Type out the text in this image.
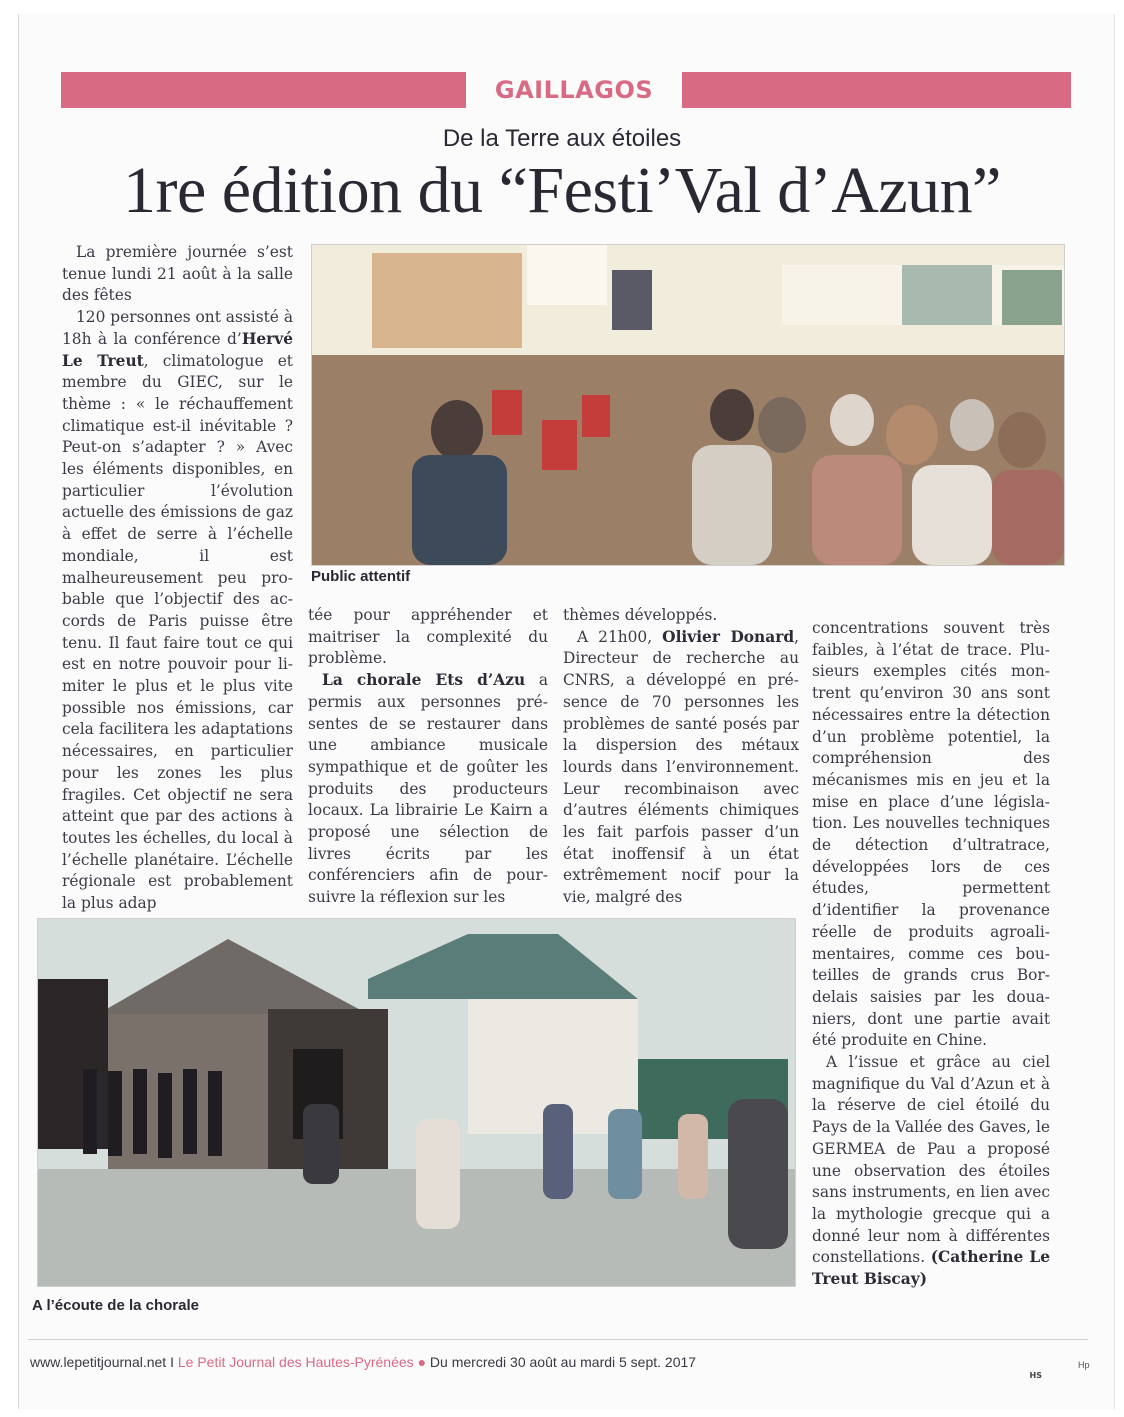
GAILLAGOS
De la Terre aux étoiles
1re édition du “Festi’Val d’Azun”

La première journée s’est tenue lundi 21 août à la salle des fêtes

120 personnes ont assisté à 18h à la conférence d’Hervé Le Treut, climatologue et membre du GIEC, sur le thème : « le réchauffement climatique est-il inévitable ? Peut-on s’adapter ? » Avec les éléments disponibles, en particulier l’évolution actuelle des émissions de gaz à effet de serre à l’échelle mondiale, il est malheureusement peu probable que l’objectif des accords de Paris puisse être tenu. Il faut faire tout ce qui est en notre pouvoir pour limiter le plus et le plus vite possible nos émissions, car cela facilitera les adaptations nécessaires, en particulier pour les zones les plus fragiles. Cet objectif ne sera atteint que par des actions à toutes les échelles, du local à l’échelle planétaire. L’échelle régionale est probablement la plus adap

Public attentif

tée pour appréhender et maitriser la complexité du problème.

La chorale Ets d’Azu a permis aux personnes présentes de se restaurer dans une ambiance musicale sympathique et de goûter les produits des producteurs locaux. La librairie Le Kairn a proposé une sélection de livres écrits par les conférenciers afin de poursuivre la réflexion sur les

thèmes développés.

A 21h00, Olivier Donard, Directeur de recherche au CNRS, a développé en présence de 70 personnes les problèmes de santé posés par la dispersion des métaux lourds dans l’environnement. Leur recombinaison avec d’autres éléments chimiques les fait parfois passer d’un état inoffensif à un état extrêmement nocif pour la vie, malgré des

concentrations souvent très faibles, à l’état de trace. Plusieurs exemples cités montrent qu’environ 30 ans sont nécessaires entre la détection d’un problème potentiel, la compréhension des mécanismes mis en jeu et la mise en place d’une législation. Les nouvelles techniques de détection d’ultratrace, développées lors de ces études, permettent d’identifier la provenance réelle de produits agroalimentaires, comme ces bouteilles de grands crus Bordelais saisies par les douaniers, dont une partie avait été produite en Chine.

A l’issue et grâce au ciel magnifique du Val d’Azun et à la réserve de ciel étoilé du Pays de la Vallée des Gaves, le GERMEA de Pau a proposé une observation des étoiles sans instruments, en lien avec la mythologie grecque qui a donné leur nom à différentes constellations. (Catherine Le Treut Biscay)

A l’écoute de la chorale
HS
www.lepetitjournal.net I Le Petit Journal des Hautes-Pyrénées ● Du mercredi 30 août au mardi 5 sept. 2017	Hp
